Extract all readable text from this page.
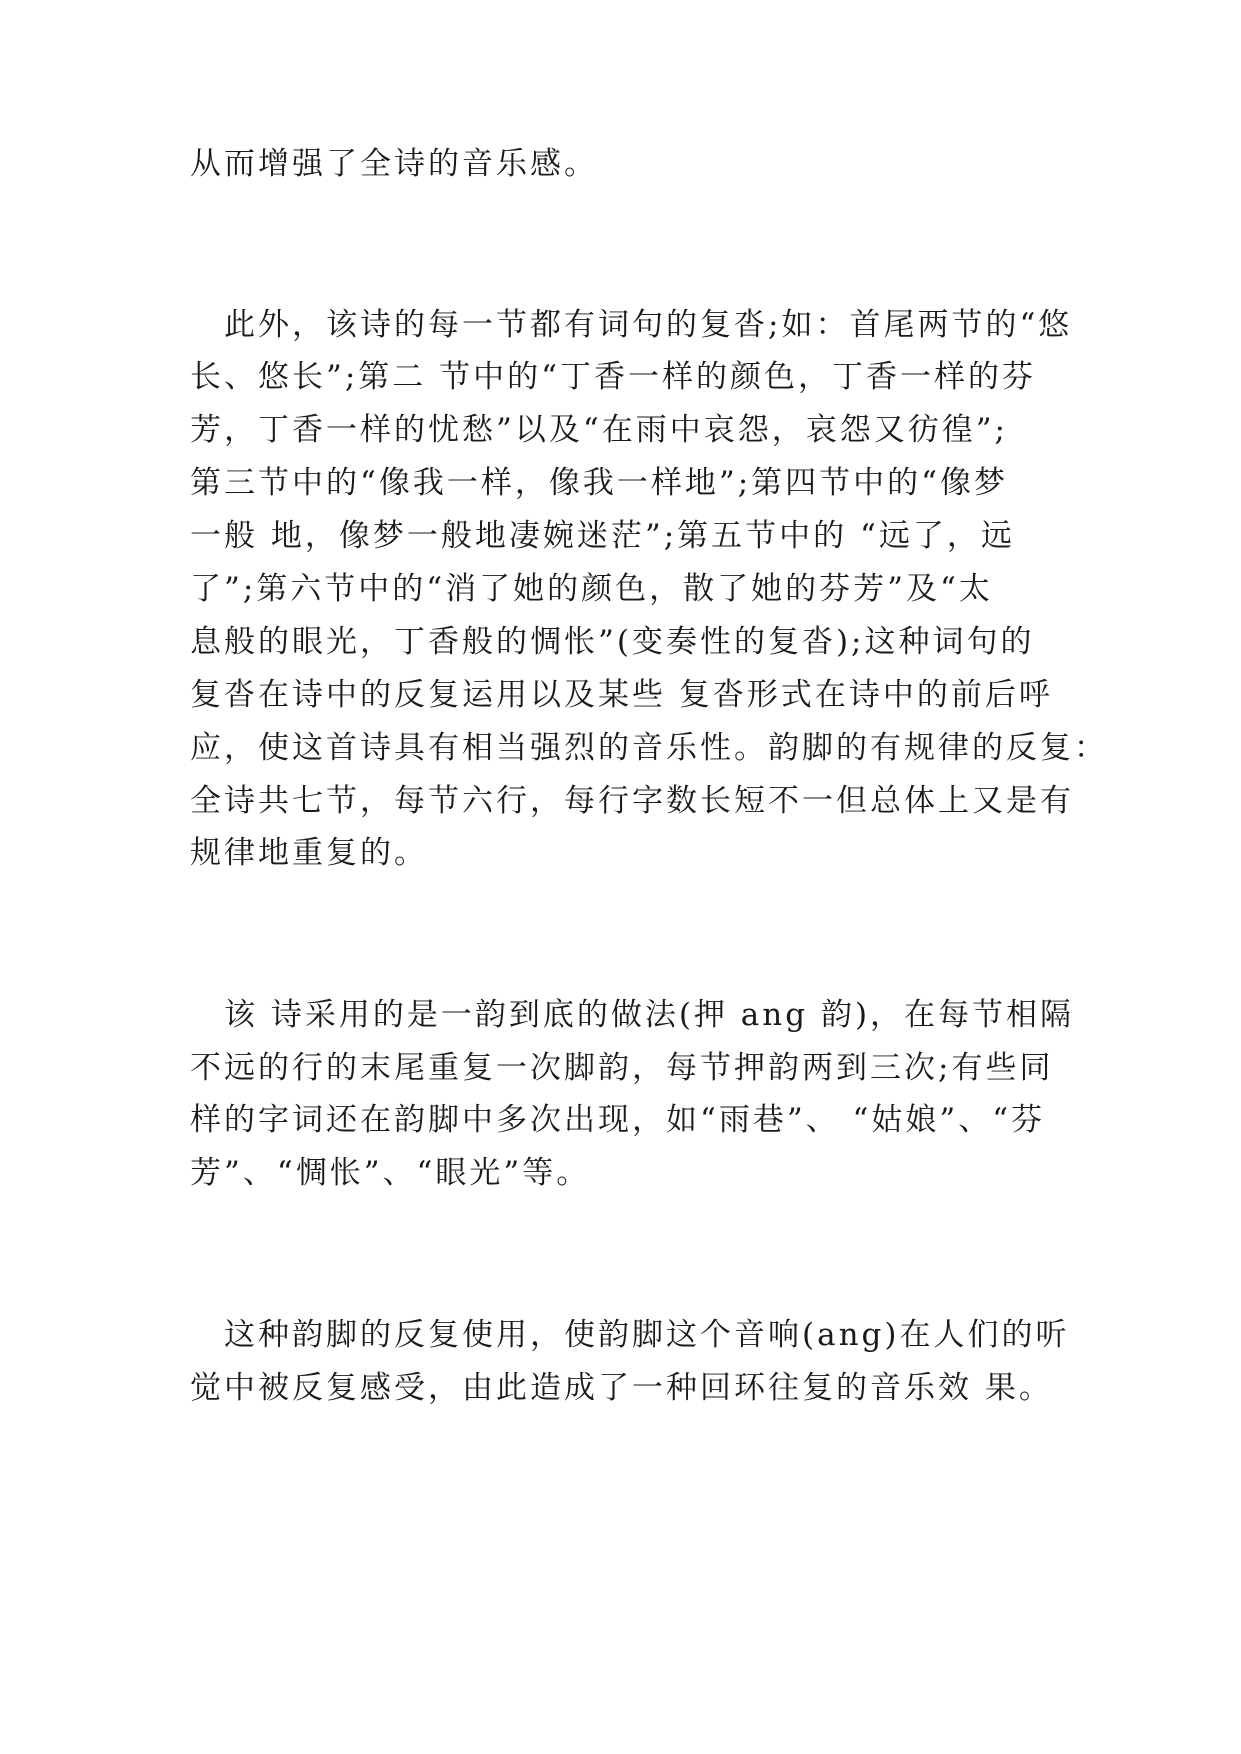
从而增强了全诗的音乐感。
　此外，该诗的每一节都有词句的复沓;如：首尾两节的“悠
长、悠长”;第二 节中的“丁香一样的颜色，丁香一样的芬
芳，丁香一样的忧愁”以及“在雨中哀怨，哀怨又彷徨”;
第三节中的“像我一样，像我一样地”;第四节中的“像梦
一般 地，像梦一般地凄婉迷茫”;第五节中的 “远了，远
了”;第六节中的“消了她的颜色，散了她的芬芳”及“太
息般的眼光，丁香般的惆怅”(变奏性的复沓);这种词句的
复沓在诗中的反复运用以及某些 复沓形式在诗中的前后呼
应，使这首诗具有相当强烈的音乐性。韵脚的有规律的反复：
全诗共七节，每节六行，每行字数长短不一但总体上又是有
规律地重复的。
　该 诗采用的是一韵到底的做法(押 ang 韵)，在每节相隔
不远的行的末尾重复一次脚韵，每节押韵两到三次;有些同
样的字词还在韵脚中多次出现，如“雨巷”、 “姑娘”、“芬
芳”、“惆怅”、“眼光”等。
　这种韵脚的反复使用，使韵脚这个音响(ang)在人们的听
觉中被反复感受，由此造成了一种回环往复的音乐效 果。
